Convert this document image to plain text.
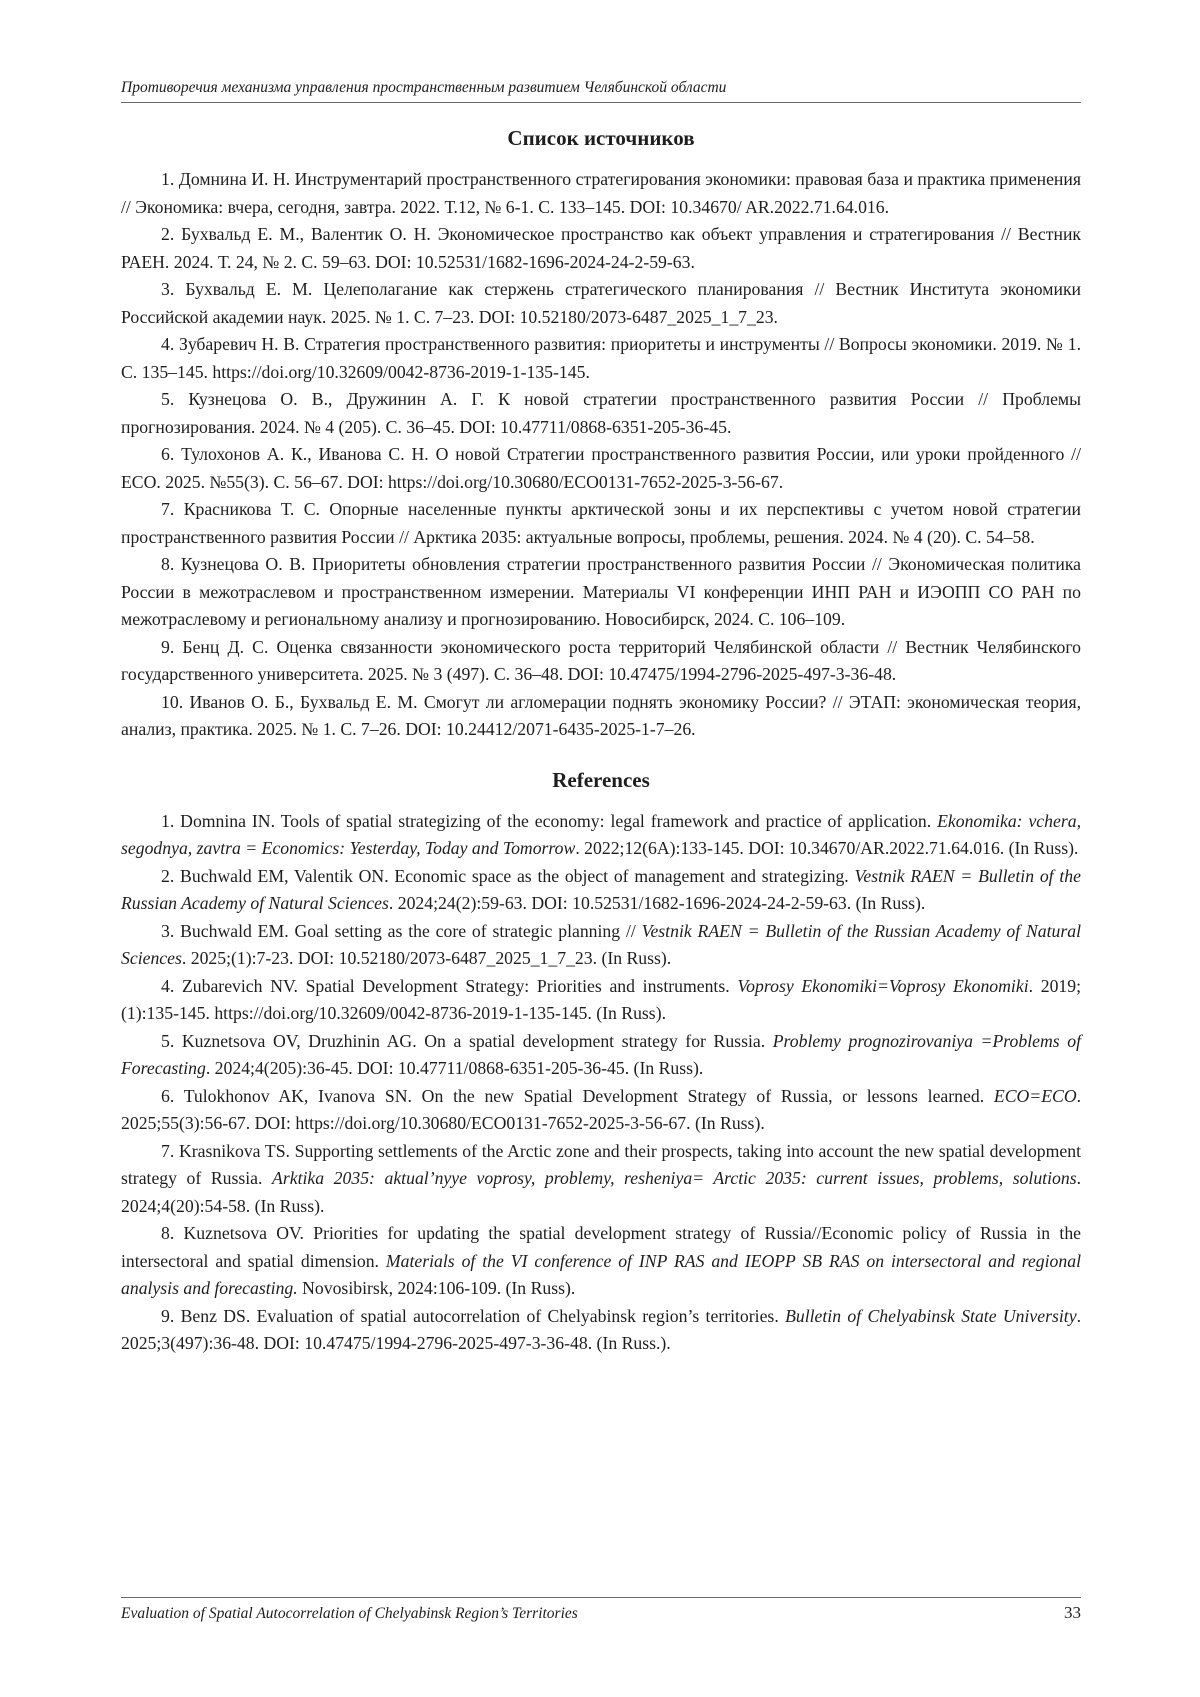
Противоречия механизма управления пространственным развитием Челябинской области
Список источников
1. Домнина И. Н. Инструментарий пространственного стратегирования экономики: правовая база и практика применения // Экономика: вчера, сегодня, завтра. 2022. Т.12, № 6-1. С. 133–145. DOI: 10.34670/ AR.2022.71.64.016.
2. Бухвальд Е. М., Валентик О. Н. Экономическое пространство как объект управления и стратегирования // Вестник РАЕН. 2024. Т. 24, № 2. С. 59–63. DOI: 10.52531/1682-1696-2024-24-2-59-63.
3. Бухвальд Е. М. Целеполагание как стержень стратегического планирования // Вестник Института экономики Российской академии наук. 2025. № 1. С. 7–23. DOI: 10.52180/2073-6487_2025_1_7_23.
4. Зубаревич Н. В. Стратегия пространственного развития: приоритеты и инструменты // Вопросы экономики. 2019. № 1. С. 135–145. https://doi.org/10.32609/0042-8736-2019-1-135-145.
5. Кузнецова О. В., Дружинин А. Г. К новой стратегии пространственного развития России // Проблемы прогнозирования. 2024. № 4 (205). С. 36–45. DOI: 10.47711/0868-6351-205-36-45.
6. Тулохонов А. К., Иванова С. Н. О новой Стратегии пространственного развития России, или уроки пройденного // ЕСО. 2025. №55(3). С. 56–67. DOI: https://doi.org/10.30680/ЕСО0131-7652-2025-3-56-67.
7. Красникова Т. С. Опорные населенные пункты арктической зоны и их перспективы с учетом новой стратегии пространственного развития России // Арктика 2035: актуальные вопросы, проблемы, решения. 2024. № 4 (20). С. 54–58.
8. Кузнецова О. В. Приоритеты обновления стратегии пространственного развития России // Экономическая политика России в межотраслевом и пространственном измерении. Материалы VI конференции ИНП РАН и ИЭОПП СО РАН по межотраслевому и региональному анализу и прогнозированию. Новосибирск, 2024. С. 106–109.
9. Бенц Д. С. Оценка связанности экономического роста территорий Челябинской области // Вестник Челябинского государственного университета. 2025. № 3 (497). С. 36–48. DOI: 10.47475/1994-2796-2025-497-3-36-48.
10. Иванов О. Б., Бухвальд Е. М. Смогут ли агломерации поднять экономику России? // ЭТАП: экономическая теория, анализ, практика. 2025. № 1. С. 7–26. DOI: 10.24412/2071-6435-2025-1-7–26.
References
1. Domnina IN. Tools of spatial strategizing of the economy: legal framework and practice of application. Ekonomika: vchera, segodnya, zavtra = Economics: Yesterday, Today and Tomorrow. 2022;12(6A):133-145. DOI: 10.34670/AR.2022.71.64.016. (In Russ).
2. Buchwald EM, Valentik ON. Economic space as the object of management and strategizing. Vestnik RAEN = Bulletin of the Russian Academy of Natural Sciences. 2024;24(2):59-63. DOI: 10.52531/1682-1696-2024-24-2-59-63. (In Russ).
3. Buchwald EM. Goal setting as the core of strategic planning // Vestnik RAEN = Bulletin of the Russian Academy of Natural Sciences. 2025;(1):7-23. DOI: 10.52180/2073-6487_2025_1_7_23. (In Russ).
4. Zubarevich NV. Spatial Development Strategy: Priorities and instruments. Voprosy Ekonomiki=Voprosy Ekonomiki. 2019;(1):135-145. https://doi.org/10.32609/0042-8736-2019-1-135-145. (In Russ).
5. Kuznetsova OV, Druzhinin AG. On a spatial development strategy for Russia. Problemy prognozirovaniya =Problems of Forecasting. 2024;4(205):36-45. DOI: 10.47711/0868-6351-205-36-45. (In Russ).
6. Tulokhonov AK, Ivanova SN. On the new Spatial Development Strategy of Russia, or lessons learned. ECO=ECO. 2025;55(3):56-67. DOI: https://doi.org/10.30680/ECO0131-7652-2025-3-56-67. (In Russ).
7. Krasnikova TS. Supporting settlements of the Arctic zone and their prospects, taking into account the new spatial development strategy of Russia. Arktika 2035: aktual’nyye voprosy, problemy, resheniya= Arctic 2035: current issues, problems, solutions. 2024;4(20):54-58. (In Russ).
8. Kuznetsova OV. Priorities for updating the spatial development strategy of Russia//Economic policy of Russia in the intersectoral and spatial dimension. Materials of the VI conference of INP RAS and IEOPP SB RAS on intersectoral and regional analysis and forecasting. Novosibirsk, 2024:106-109. (In Russ).
9. Benz DS. Evaluation of spatial autocorrelation of Chelyabinsk region’s territories. Bulletin of Chelyabinsk State University. 2025;3(497):36-48. DOI: 10.47475/1994-2796-2025-497-3-36-48. (In Russ.).
Evaluation of Spatial Autocorrelation of Chelyabinsk Region’s Territories	33
